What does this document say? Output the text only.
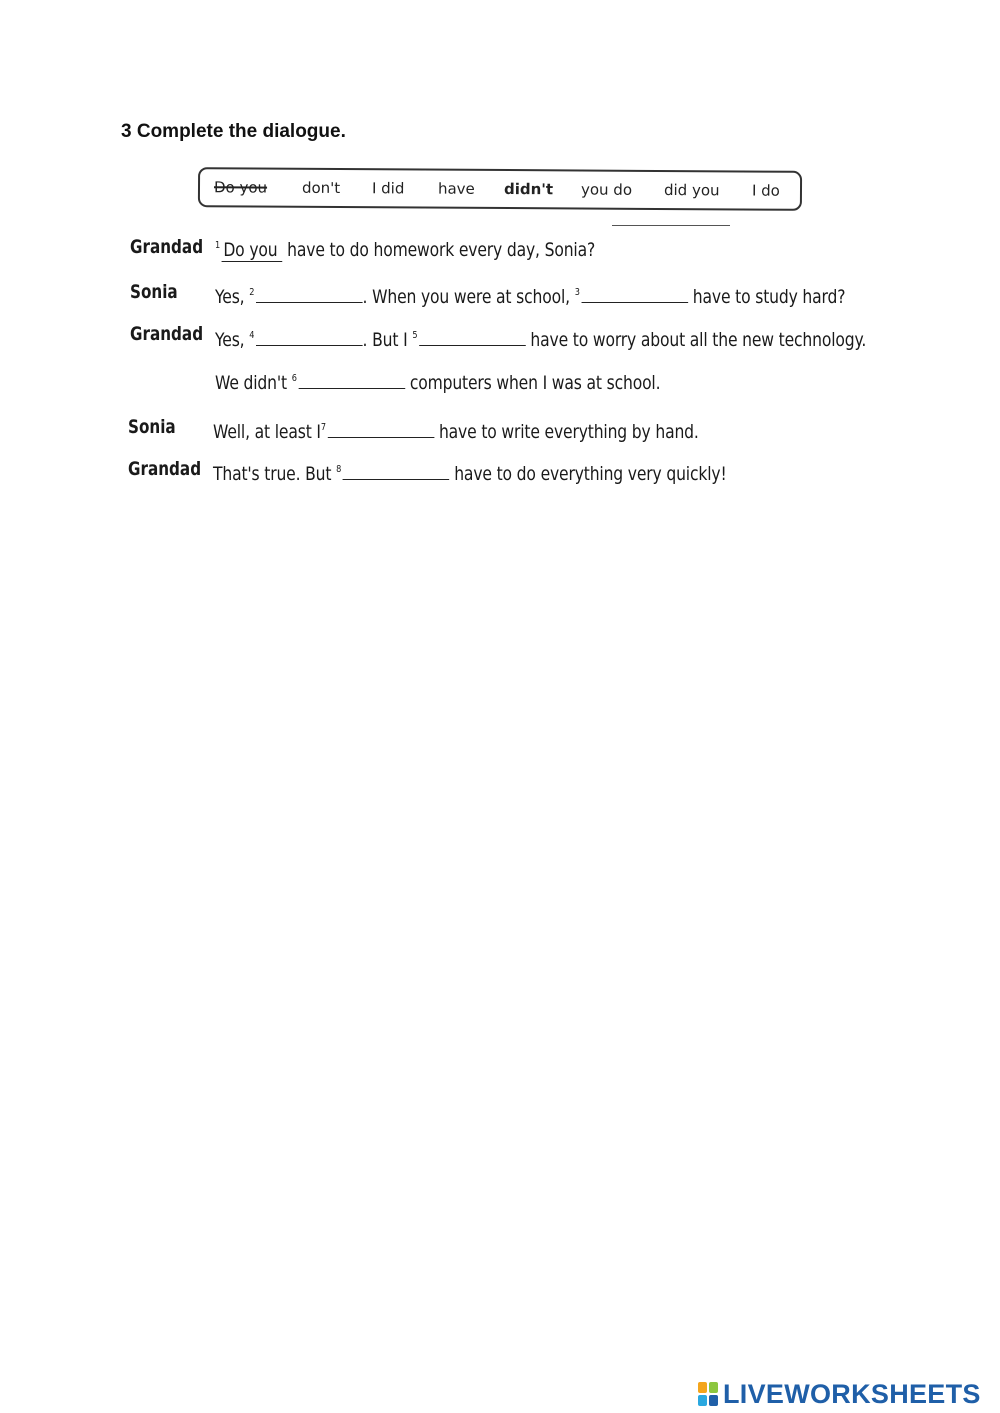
3 Complete the dialogue.
Do you don't I did have didn't you do did you I do
Grandad $^1$ Do you have to do homework every day, Sonia?
Sonia Yes, $^2$	. When you were at school, $^3$	have to study hard?
Grandad Yes, $^4$	. But I $^5$	have to worry about all the new technology.
We didn't $^6$	computers when I was at school.
Sonia Well, at least $I^7$	have to write everything by hand.
Grandad That's true. But $^8$	have to do everything very quickly!
LIVEWORKSHEETS
